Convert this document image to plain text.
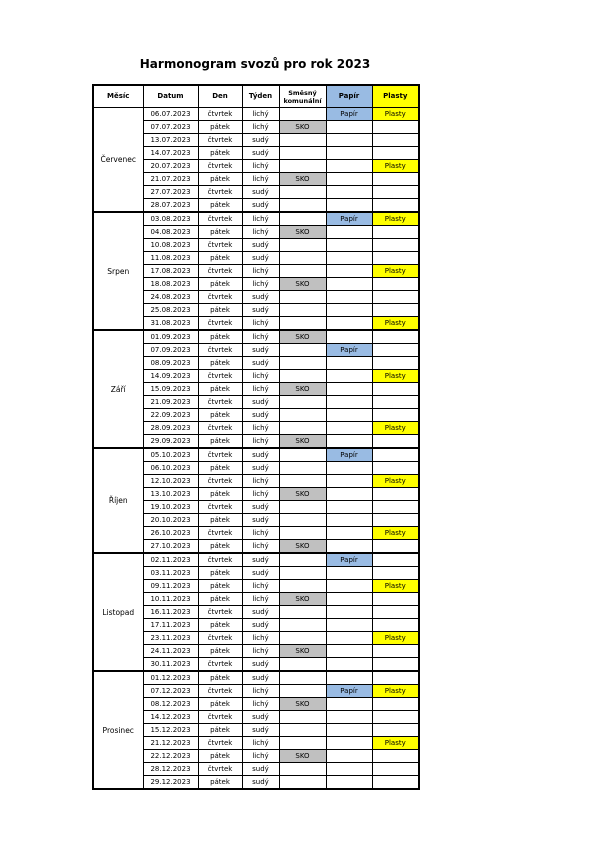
Harmonogram svozů pro rok 2023
Měsíc	Datum	Den	Týden	Směsný komunální	Papír	Plasty
Červenec	06.07.2023	čtvrtek	lichý		Papír	Plasty
	07.07.2023	pátek	lichý	SKO		
	13.07.2023	čtvrtek	sudý			
	14.07.2023	pátek	sudý			
	20.07.2023	čtvrtek	lichý			Plasty
	21.07.2023	pátek	lichý	SKO		
	27.07.2023	čtvrtek	sudý			
	28.07.2023	pátek	sudý			
Srpen	03.08.2023	čtvrtek	lichý		Papír	Plasty
	04.08.2023	pátek	lichý	SKO		
	10.08.2023	čtvrtek	sudý			
	11.08.2023	pátek	sudý			
	17.08.2023	čtvrtek	lichý			Plasty
	18.08.2023	pátek	lichý	SKO		
	24.08.2023	čtvrtek	sudý			
	25.08.2023	pátek	sudý			
	31.08.2023	čtvrtek	lichý			Plasty
Září	01.09.2023	pátek	lichý	SKO		
	07.09.2023	čtvrtek	sudý		Papír	
	08.09.2023	pátek	sudý			
	14.09.2023	čtvrtek	lichý			Plasty
	15.09.2023	pátek	lichý	SKO		
	21.09.2023	čtvrtek	sudý			
	22.09.2023	pátek	sudý			
	28.09.2023	čtvrtek	lichý			Plasty
	29.09.2023	pátek	lichý	SKO		
Říjen	05.10.2023	čtvrtek	sudý		Papír	
	06.10.2023	pátek	sudý			
	12.10.2023	čtvrtek	lichý			Plasty
	13.10.2023	pátek	lichý	SKO		
	19.10.2023	čtvrtek	sudý			
	20.10.2023	pátek	sudý			
	26.10.2023	čtvrtek	lichý			Plasty
	27.10.2023	pátek	lichý	SKO		
Listopad	02.11.2023	čtvrtek	sudý		Papír	
	03.11.2023	pátek	sudý			
	09.11.2023	pátek	lichý			Plasty
	10.11.2023	pátek	lichý	SKO		
	16.11.2023	čtvrtek	sudý			
	17.11.2023	pátek	sudý			
	23.11.2023	čtvrtek	lichý			Plasty
	24.11.2023	pátek	lichý	SKO		
	30.11.2023	čtvrtek	sudý			
Prosinec	01.12.2023	pátek	sudý			
	07.12.2023	čtvrtek	lichý		Papír	Plasty
	08.12.2023	pátek	lichý	SKO		
	14.12.2023	čtvrtek	sudý			
	15.12.2023	pátek	sudý			
	21.12.2023	čtvrtek	lichý			Plasty
	22.12.2023	pátek	lichý	SKO		
	28.12.2023	čtvrtek	sudý			
	29.12.2023	pátek	sudý			
